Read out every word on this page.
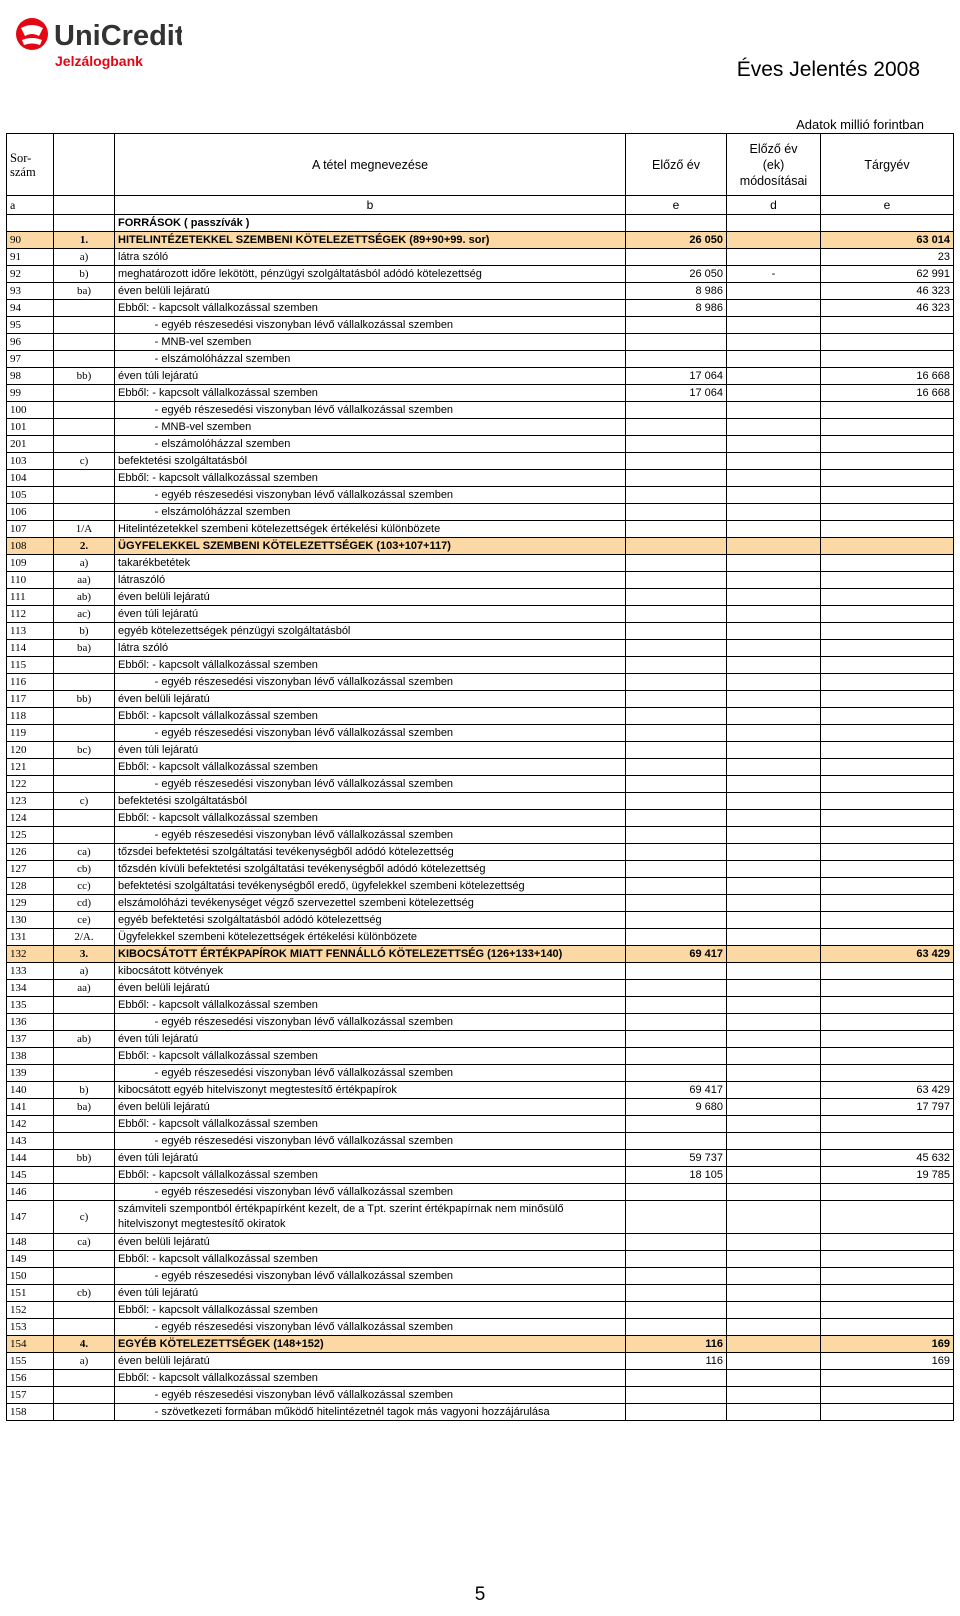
UniCredit
Jelzálogbank	Éves Jelentés 2008
Adatok millió forintban
Sor-
szám		A tétel megnevezése	Előző év	Előző év
(ek)
módosításai	Tárgyév
a		b	e	d	e
		FORRÁSOK ( passzívák )			
90	1.	HITELINTÉZETEKKEL SZEMBENI KÖTELEZETTSÉGEK (89+90+99. sor)	26 050		63 014
91	a)	látra szóló			23
92	b)	meghatározott időre lekötött, pénzügyi szolgáltatásból adódó kötelezettség	26 050	-	62 991
93	ba)	éven belüli lejáratú	8 986		46 323
94		Ebből: - kapcsolt vállalkozással szemben	8 986		46 323
95		- egyéb részesedési viszonyban lévő vállalkozással szemben			
96		- MNB-vel szemben			
97		- elszámolóházzal szemben			
98	bb)	éven túli lejáratú	17 064		16 668
99		Ebből: - kapcsolt vállalkozással szemben	17 064		16 668
100		- egyéb részesedési viszonyban lévő vállalkozással szemben			
101		- MNB-vel szemben			
201		- elszámolóházzal szemben			
103	c)	befektetési szolgáltatásból			
104		Ebből: - kapcsolt vállalkozással szemben			
105		- egyéb részesedési viszonyban lévő vállalkozással szemben			
106		- elszámolóházzal szemben			
107	1/A	Hitelintézetekkel szembeni kötelezettségek értékelési különbözete			
108	2.	ÜGYFELEKKEL SZEMBENI KÖTELEZETTSÉGEK (103+107+117)			
109	a)	takarékbetétek			
110	aa)	látraszóló			
111	ab)	éven belüli lejáratú			
112	ac)	éven túli lejáratú			
113	b)	egyéb kötelezettségek pénzügyi szolgáltatásból			
114	ba)	látra szóló			
115		Ebből: - kapcsolt vállalkozással szemben			
116		- egyéb részesedési viszonyban lévő vállalkozással szemben			
117	bb)	éven belüli lejáratú			
118		Ebből: - kapcsolt vállalkozással szemben			
119		- egyéb részesedési viszonyban lévő vállalkozással szemben			
120	bc)	éven túli lejáratú			
121		Ebből: - kapcsolt vállalkozással szemben			
122		- egyéb részesedési viszonyban lévő vállalkozással szemben			
123	c)	befektetési szolgáltatásból			
124		Ebből: - kapcsolt vállalkozással szemben			
125		- egyéb részesedési viszonyban lévő vállalkozással szemben			
126	ca)	tőzsdei befektetési szolgáltatási tevékenységből adódó kötelezettség			
127	cb)	tőzsdén kívüli befektetési szolgáltatási tevékenységből adódó kötelezettség			
128	cc)	befektetési szolgáltatási tevékenységből eredő, ügyfelekkel szembeni kötelezettség			
129	cd)	elszámolóházi tevékenységet végző szervezettel szembeni kötelezettség			
130	ce)	egyéb befektetési szolgáltatásból adódó kötelezettség			
131	2/A.	Ügyfelekkel szembeni kötelezettségek értékelési különbözete			
132	3.	KIBOCSÁTOTT ÉRTÉKPAPÍROK MIATT FENNÁLLÓ KÖTELEZETTSÉG (126+133+140)	69 417		63 429
133	a)	kibocsátott kötvények			
134	aa)	éven belüli lejáratú			
135		Ebből: - kapcsolt vállalkozással szemben			
136		- egyéb részesedési viszonyban lévő vállalkozással szemben			
137	ab)	éven túli lejáratú			
138		Ebből: - kapcsolt vállalkozással szemben			
139		- egyéb részesedési viszonyban lévő vállalkozással szemben			
140	b)	kibocsátott egyéb hitelviszonyt megtestesítő értékpapírok	69 417		63 429
141	ba)	éven belüli lejáratú	9 680		17 797
142		Ebből: - kapcsolt vállalkozással szemben			
143		- egyéb részesedési viszonyban lévő vállalkozással szemben			
144	bb)	éven túli lejáratú	59 737		45 632
145		Ebből: - kapcsolt vállalkozással szemben	18 105		19 785
146		- egyéb részesedési viszonyban lévő vállalkozással szemben			
147	c)	számviteli szempontból értékpapírként kezelt, de a Tpt. szerint értékpapírnak nem minősülő hitelviszonyt megtestesítő okiratok			
148	ca)	éven belüli lejáratú			
149		Ebből: - kapcsolt vállalkozással szemben			
150		- egyéb részesedési viszonyban lévő vállalkozással szemben			
151	cb)	éven túli lejáratú			
152		Ebből: - kapcsolt vállalkozással szemben			
153		- egyéb részesedési viszonyban lévő vállalkozással szemben			
154	4.	EGYÉB KÖTELEZETTSÉGEK (148+152)	116		169
155	a)	éven belüli lejáratú	116		169
156		Ebből: - kapcsolt vállalkozással szemben			
157		- egyéb részesedési viszonyban lévő vállalkozással szemben			
158		- szövetkezeti formában működő hitelintézetnél tagok más vagyoni hozzájárulása			
5
